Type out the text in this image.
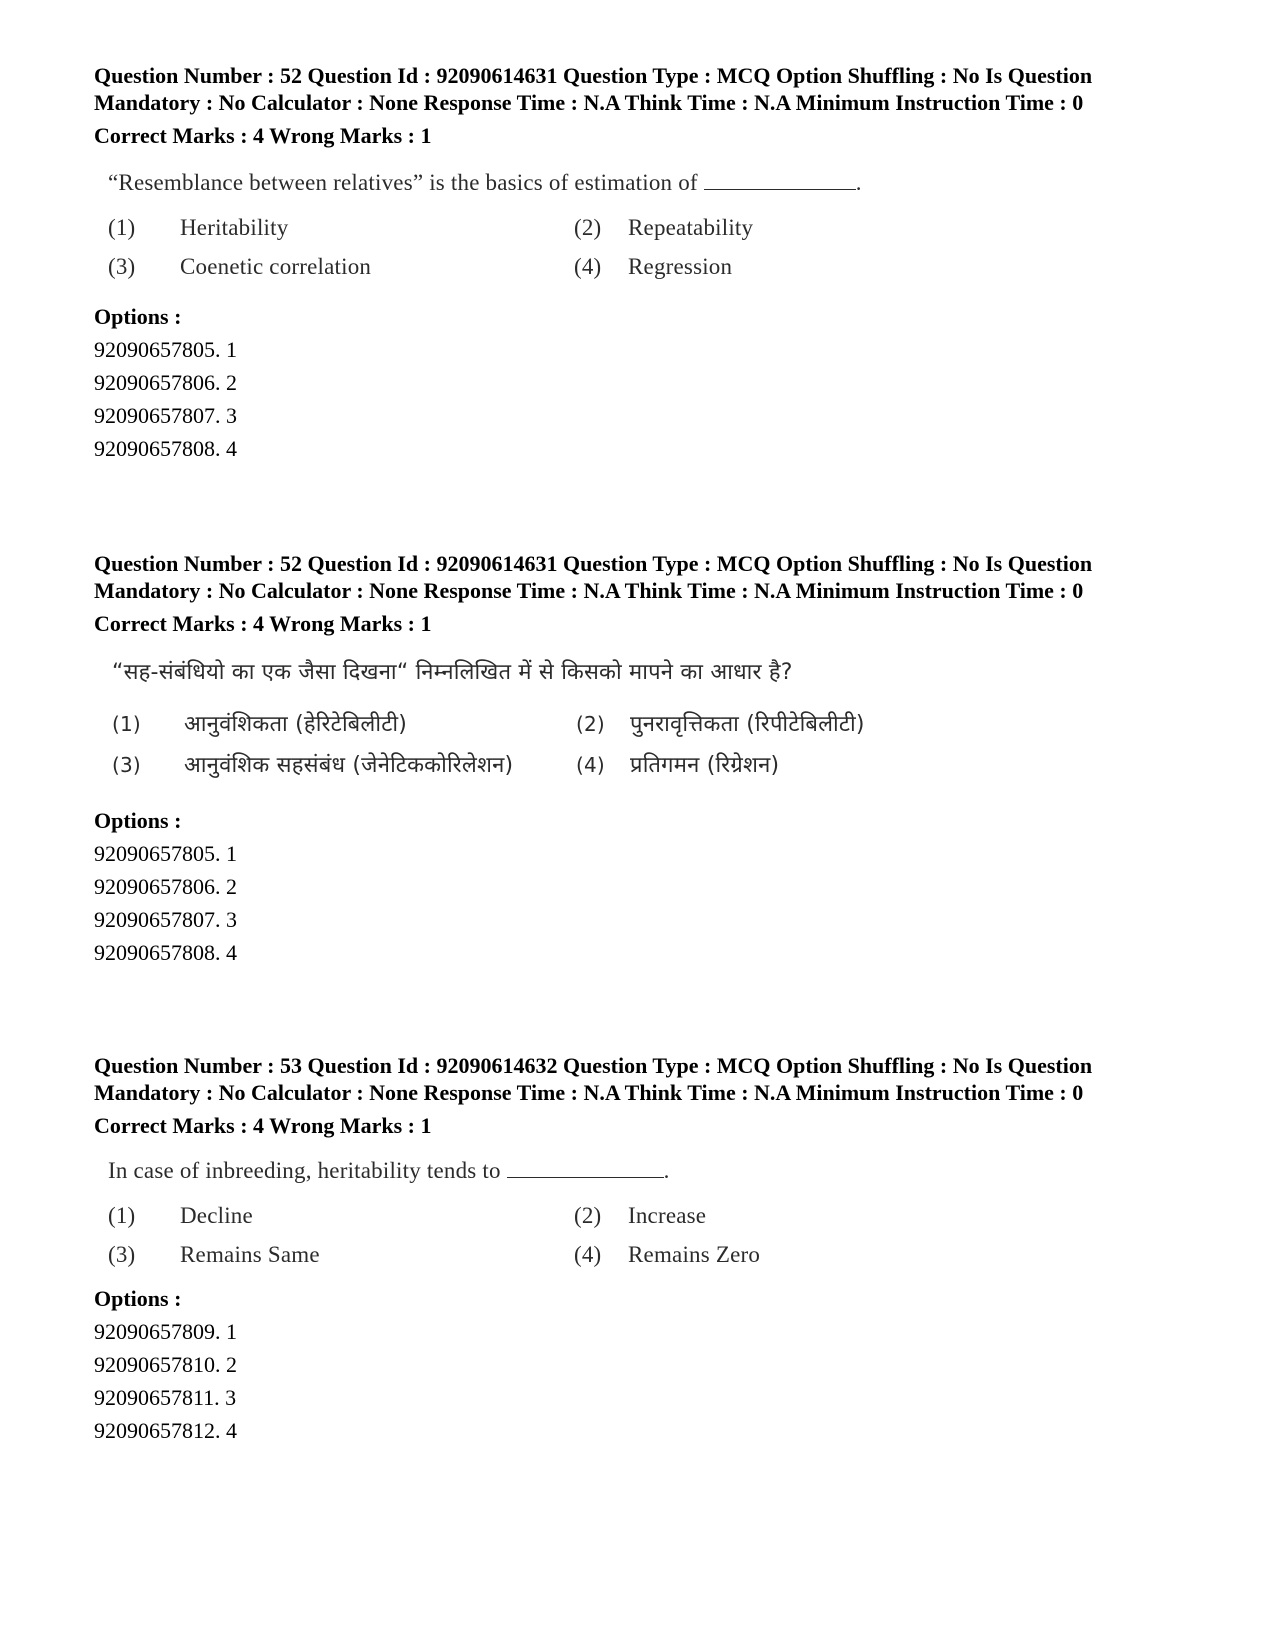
Question Number : 52 Question Id : 92090614631 Question Type : MCQ Option Shuffling : No Is Question Mandatory : No Calculator : None Response Time : N.A Think Time : N.A Minimum Instruction Time : 0

Correct Marks : 4 Wrong Marks : 1

“Resemblance between relatives” is the basics of estimation of	.

(1) Heritability	(2) Repeatability
(3) Coenetic correlation	(4) Regression

Options :

92090657805. 1
92090657806. 2
92090657807. 3
92090657808. 4

Question Number : 52 Question Id : 92090614631 Question Type : MCQ Option Shuffling : No Is Question Mandatory : No Calculator : None Response Time : N.A Think Time : N.A Minimum Instruction Time : 0

Correct Marks : 4 Wrong Marks : 1

“सह-संबंधियो का एक जैसा दिखना“ निम्नलिखित में से किसको मापने का आधार है?

(1) आनुवंशिकता (हेरिटेबिलीटी)	(2) पुनरावृत्तिकता (रिपीटेबिलीटी)
(3) आनुवंशिक सहसंबंध (जेनेटिककोरिलेशन)	(4) प्रतिगमन (रिग्रेशन)

Options :

92090657805. 1
92090657806. 2
92090657807. 3
92090657808. 4

Question Number : 53 Question Id : 92090614632 Question Type : MCQ Option Shuffling : No Is Question Mandatory : No Calculator : None Response Time : N.A Think Time : N.A Minimum Instruction Time : 0

Correct Marks : 4 Wrong Marks : 1

In case of inbreeding, heritability tends to	.

(1) Decline	(2) Increase
(3) Remains Same	(4) Remains Zero

Options :

92090657809. 1
92090657810. 2
92090657811. 3
92090657812. 4
